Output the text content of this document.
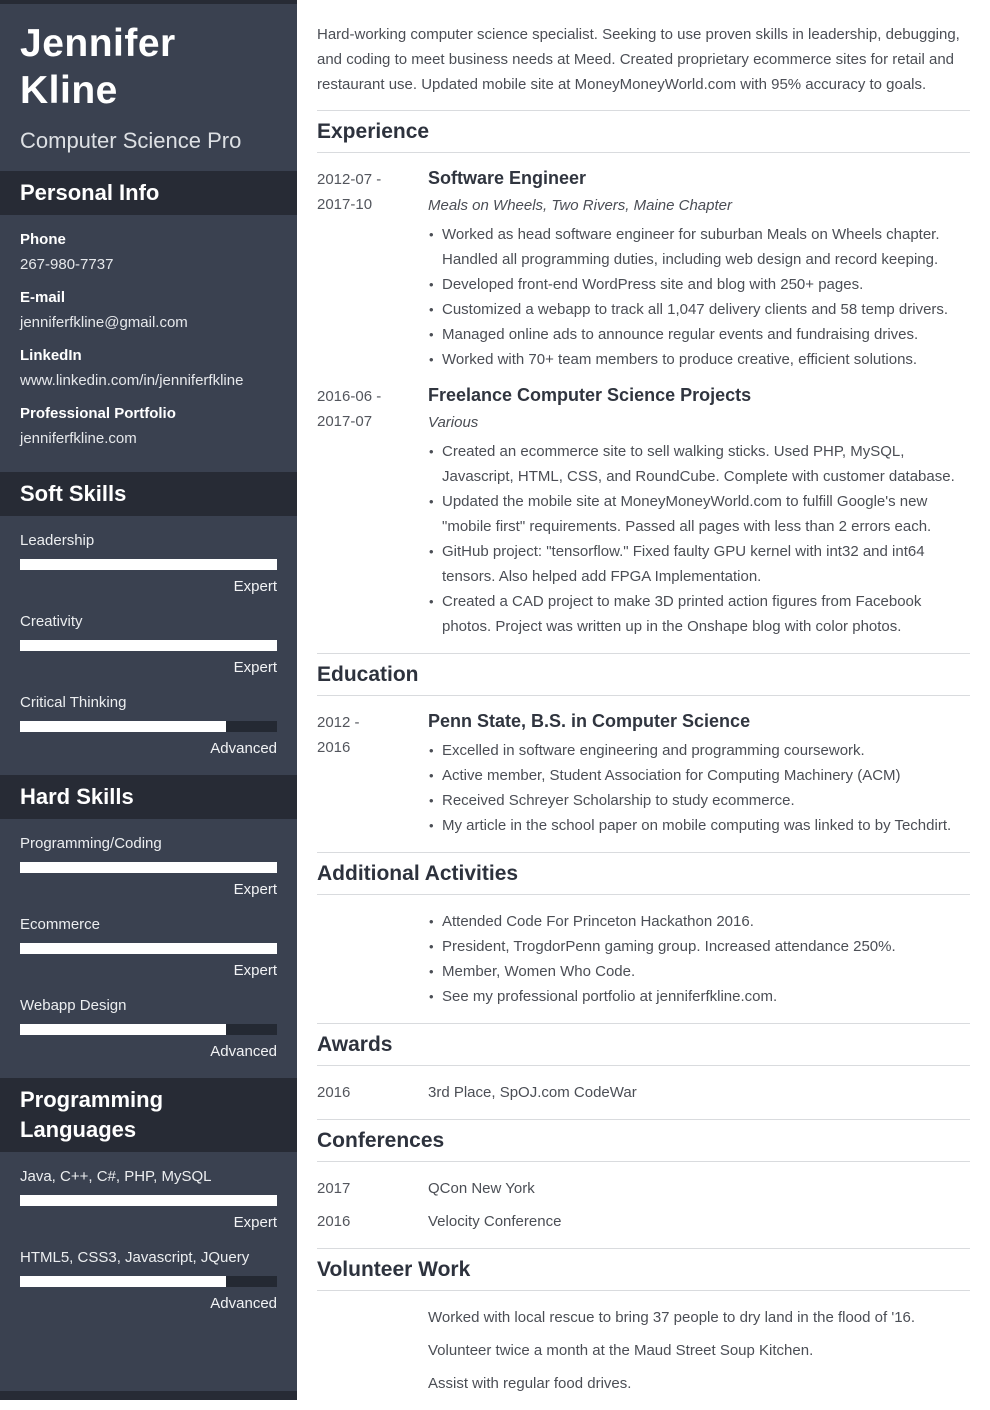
Jennifer
Kline
Computer Science Pro
Personal Info
Phone
267-980-7737
E-mail
jenniferfkline@gmail.com
LinkedIn
www.linkedin.com/in/jenniferfkline
Professional Portfolio
jenniferfkline.com
Soft Skills
Leadership
Expert
Creativity
Expert
Critical Thinking
Advanced
Hard Skills
Programming/Coding
Expert
Ecommerce
Expert
Webapp Design
Advanced
Programming Languages
Java, C++, C#, PHP, MySQL
Expert
HTML5, CSS3, Javascript, JQuery
Advanced

Hard-working computer science specialist. Seeking to use proven skills in leadership, debugging, and coding to meet business needs at Meed. Created proprietary ecommerce sites for retail and restaurant use. Updated mobile site at MoneyMoneyWorld.com with 95% accuracy to goals.

Experience
2012-07 -
2017-10
Software Engineer
Meals on Wheels, Two Rivers, Maine Chapter
• Worked as head software engineer for suburban Meals on Wheels chapter. Handled all programming duties, including web design and record keeping.
• Developed front-end WordPress site and blog with 250+ pages.
• Customized a webapp to track all 1,047 delivery clients and 58 temp drivers.
• Managed online ads to announce regular events and fundraising drives.
• Worked with 70+ team members to produce creative, efficient solutions.
2016-06 -
2017-07
Freelance Computer Science Projects
Various
• Created an ecommerce site to sell walking sticks. Used PHP, MySQL, Javascript, HTML, CSS, and RoundCube. Complete with customer database.
• Updated the mobile site at MoneyMoneyWorld.com to fulfill Google's new "mobile first" requirements. Passed all pages with less than 2 errors each.
• GitHub project: "tensorflow." Fixed faulty GPU kernel with int32 and int64 tensors. Also helped add FPGA Implementation.
• Created a CAD project to make 3D printed action figures from Facebook photos. Project was written up in the Onshape blog with color photos.
Education
2012 -
2016
Penn State, B.S. in Computer Science
• Excelled in software engineering and programming coursework.
• Active member, Student Association for Computing Machinery (ACM)
• Received Schreyer Scholarship to study ecommerce.
• My article in the school paper on mobile computing was linked to by Techdirt.
Additional Activities
• Attended Code For Princeton Hackathon 2016.
• President, TrogdorPenn gaming group. Increased attendance 250%.
• Member, Women Who Code.
• See my professional portfolio at jenniferfkline.com.
Awards
2016	3rd Place, SpOJ.com CodeWar
Conferences
2017	QCon New York
2016	Velocity Conference
Volunteer Work

Worked with local rescue to bring 37 people to dry land in the flood of '16.

Volunteer twice a month at the Maud Street Soup Kitchen.

Assist with regular food drives.
